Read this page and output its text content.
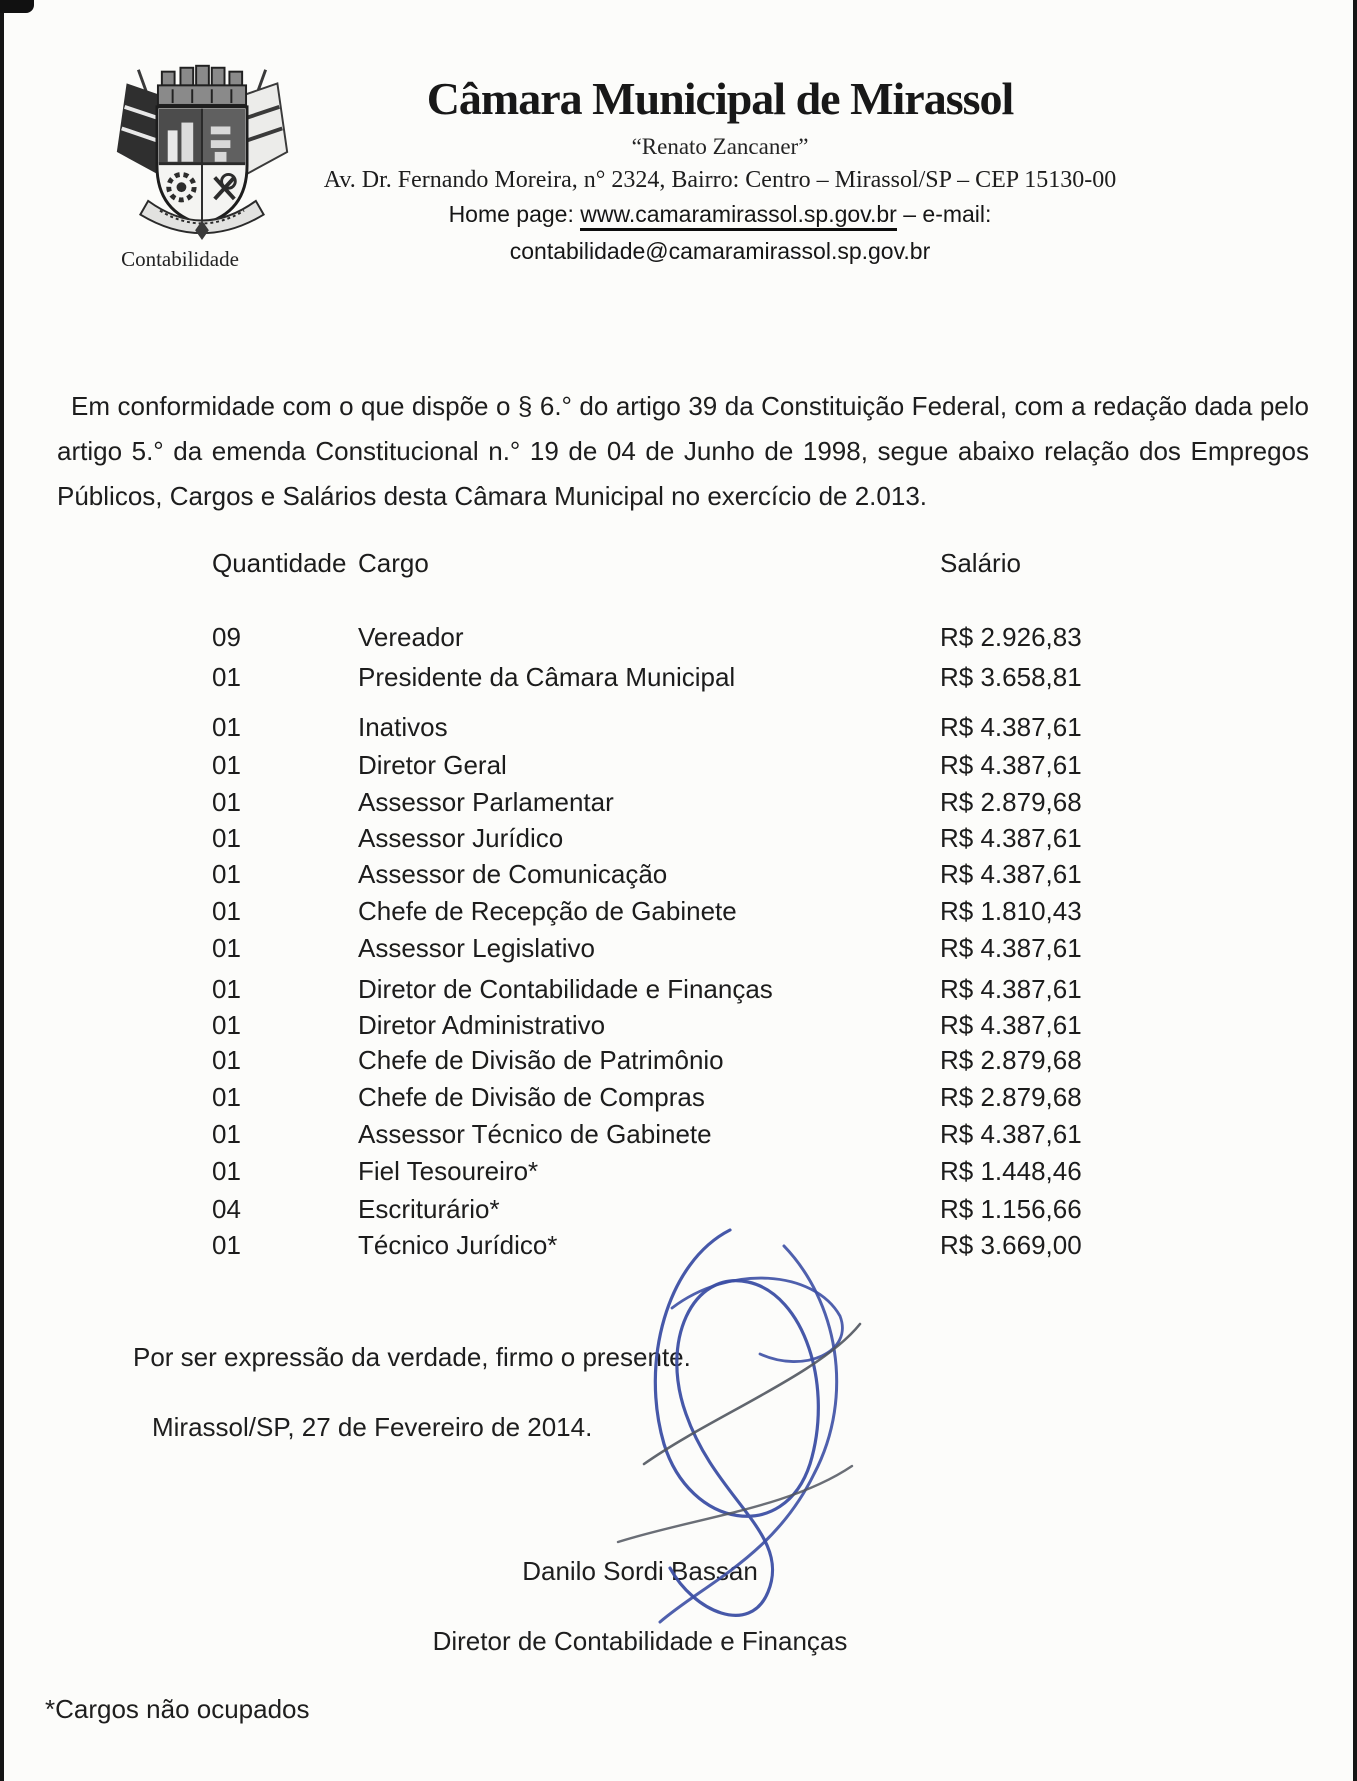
Contabilidade
Câmara Municipal de Mirassol
“Renato Zancaner”
Av. Dr. Fernando Moreira, n° 2324, Bairro: Centro – Mirassol/SP – CEP 15130-00
Home page: www.camaramirassol.sp.gov.br – e-mail:
contabilidade@camaramirassol.sp.gov.br
Em conformidade com o que dispõe o § 6.° do artigo 39 da Constituição Federal, com a redação dada pelo artigo 5.° da emenda Constitucional n.° 19 de 04 de Junho de 1998, segue abaixo relação dos Empregos Públicos, Cargos e Salários desta Câmara Municipal no exercício de 2.013.
Quantidade Cargo	Salário
09	Vereador	R$ 2.926,83
01	Presidente da Câmara Municipal	R$ 3.658,81
01	Inativos	R$ 4.387,61
01	Diretor Geral	R$ 4.387,61
01	Assessor Parlamentar	R$ 2.879,68
01	Assessor Jurídico	R$ 4.387,61
01	Assessor de Comunicação	R$ 4.387,61
01	Chefe de Recepção de Gabinete	R$ 1.810,43
01	Assessor Legislativo	R$ 4.387,61
01	Diretor de Contabilidade e Finanças	R$ 4.387,61
01	Diretor Administrativo	R$ 4.387,61
01	Chefe de Divisão de Patrimônio	R$ 2.879,68
01	Chefe de Divisão de Compras	R$ 2.879,68
01	Assessor Técnico de Gabinete	R$ 4.387,61
01	Fiel Tesoureiro*	R$ 1.448,46
04	Escriturário*	R$ 1.156,66
01	Técnico Jurídico*	R$ 3.669,00
Por ser expressão da verdade, firmo o presente.
Mirassol/SP, 27 de Fevereiro de 2014.
Danilo Sordi Bassan
Diretor de Contabilidade e Finanças
*Cargos não ocupados
